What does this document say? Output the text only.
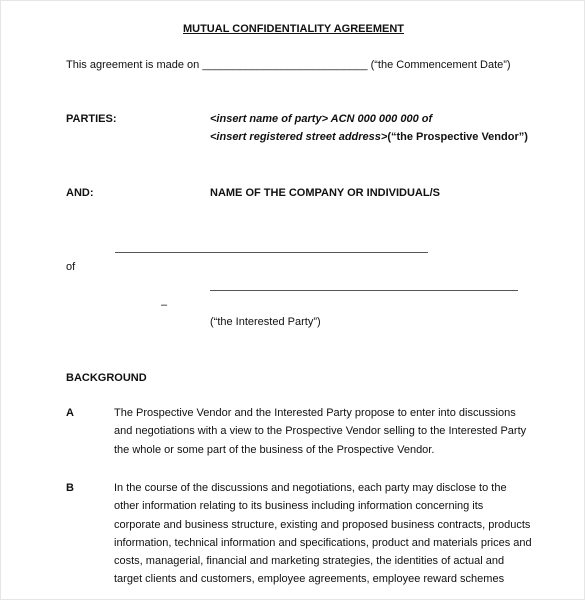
MUTUAL CONFIDENTIALITY AGREEMENT
This agreement is made on ___________________________ (“the Commencement Date”)
PARTIES:	<insert name of party> ACN 000 000 000 of
<insert registered street address>(“the Prospective Vendor”)
AND:	NAME OF THE COMPANY OR INDIVIDUAL/S
of
–
(“the Interested Party”)
BACKGROUND
A	The Prospective Vendor and the Interested Party propose to enter into discussions
and negotiations with a view to the Prospective Vendor selling to the Interested Party
the whole or some part of the business of the Prospective Vendor.
B	In the course of the discussions and negotiations, each party may disclose to the
other information relating to its business including information concerning its
corporate and business structure, existing and proposed business contracts, products
information, technical information and specifications, product and materials prices and
costs, managerial, financial and marketing strategies, the identities of actual and
target clients and customers, employee agreements, employee reward schemes
